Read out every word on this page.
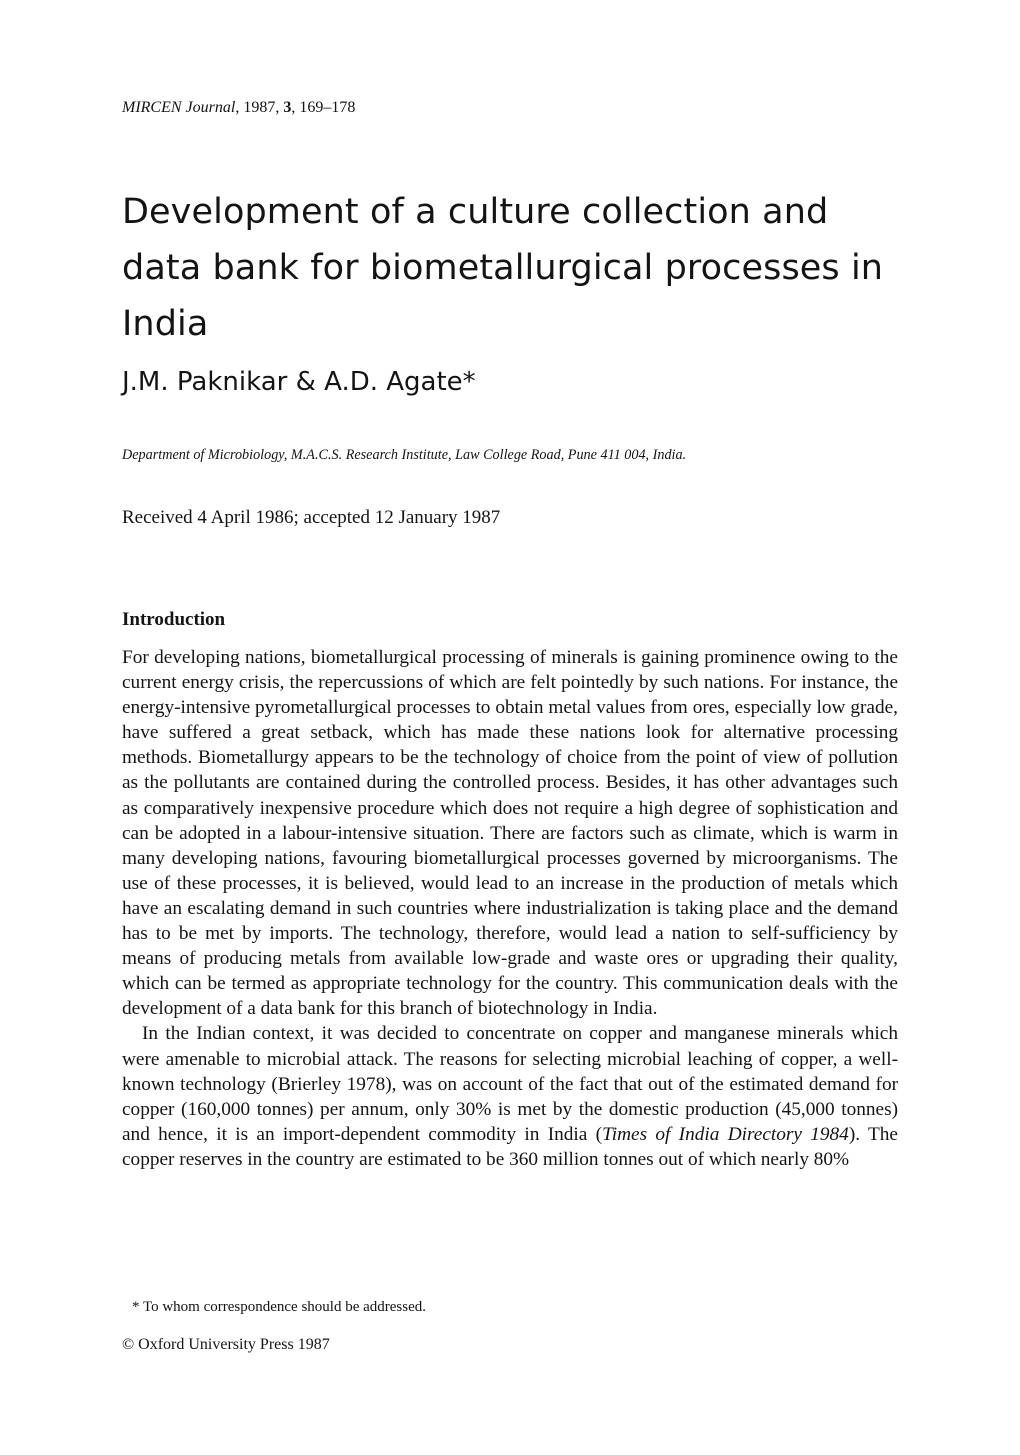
MIRCEN Journal, 1987, 3, 169–178
Development of a culture collection and data bank for biometallurgical processes in India
J.M. Paknikar & A.D. Agate*
Department of Microbiology, M.A.C.S. Research Institute, Law College Road, Pune 411 004, India.
Received 4 April 1986; accepted 12 January 1987
Introduction

For developing nations, biometallurgical processing of minerals is gaining prominence owing to the current energy crisis, the repercussions of which are felt pointedly by such nations. For instance, the energy-intensive pyrometallurgical processes to obtain metal values from ores, especially low grade, have suffered a great setback, which has made these nations look for alternative processing methods. Biometallurgy appears to be the technology of choice from the point of view of pollution as the pollutants are contained during the controlled process. Besides, it has other advantages such as comparatively inexpensive procedure which does not require a high degree of sophistication and can be adopted in a labour-intensive situation. There are factors such as climate, which is warm in many developing nations, favouring biometallurgical processes governed by microorganisms. The use of these processes, it is believed, would lead to an increase in the production of metals which have an escalating demand in such countries where industrialization is taking place and the demand has to be met by imports. The technology, therefore, would lead a nation to self-sufficiency by means of producing metals from available low-grade and waste ores or upgrading their quality, which can be termed as appropriate technology for the country. This communication deals with the development of a data bank for this branch of biotechnology in India.

In the Indian context, it was decided to concentrate on copper and manganese minerals which were amenable to microbial attack. The reasons for selecting microbial leaching of copper, a well-known technology (Brierley 1978), was on account of the fact that out of the estimated demand for copper (160,000 tonnes) per annum, only 30% is met by the domestic production (45,000 tonnes) and hence, it is an import-dependent commodity in India (Times of India Directory 1984). The copper reserves in the country are estimated to be 360 million tonnes out of which nearly 80%

* To whom correspondence should be addressed.
© Oxford University Press 1987
